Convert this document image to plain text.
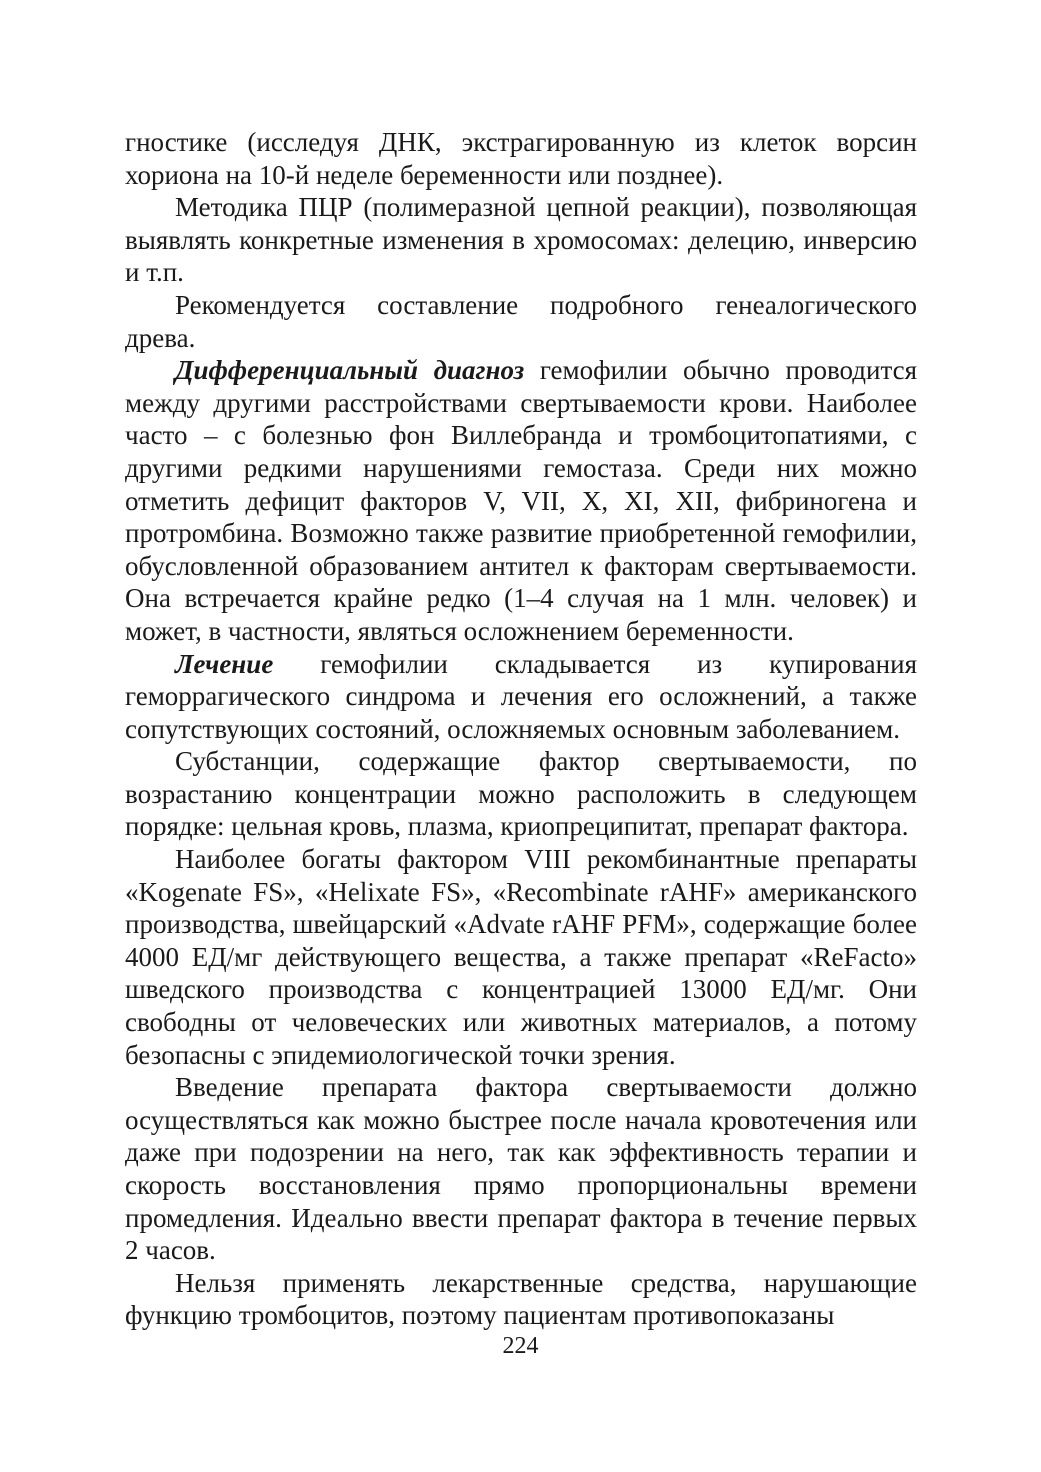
гностике (исследуя ДНК, экстрагированную из клеток ворсин хориона на 10-й неделе беременности или позднее).

Методика ПЦР (полимеразной цепной реакции), позволяющая выявлять конкретные изменения в хромосомах: делецию, инверсию и т.п.

Рекомендуется составление подробного генеалогического древа.

Дифференциальный диагноз гемофилии обычно проводится между другими расстройствами свертываемости крови. Наиболее часто – с болезнью фон Виллебранда и тромбоцитопатиями, с другими редкими нарушениями гемостаза. Среди них можно отметить дефицит факторов V, VII, X, XI, XII, фибриногена и протромбина. Возможно также развитие приобретенной гемофилии, обусловленной образованием антител к факторам свертываемости. Она встречается крайне редко (1–4 случая на 1 млн. человек) и может, в частности, являться осложнением беременности.

Лечение гемофилии складывается из купирования геморрагического синдрома и лечения его осложнений, а также сопутствующих состояний, осложняемых основным заболеванием.

Субстанции, содержащие фактор свертываемости, по возрастанию концентрации можно расположить в следующем порядке: цельная кровь, плазма, криопреципитат, препарат фактора.

Наиболее богаты фактором VIII рекомбинантные препараты «Kogenate FS», «Helixate FS», «Recombinate rAHF» американского производства, швейцарский «Advate rAHF PFM», содержащие более 4000 ЕД/мг действующего вещества, а также препарат «ReFacto» шведского производства с концентрацией 13000 ЕД/мг. Они свободны от человеческих или животных материалов, а потому безопасны с эпидемиологической точки зрения.

Введение препарата фактора свертываемости должно осуществляться как можно быстрее после начала кровотечения или даже при подозрении на него, так как эффективность терапии и скорость восстановления прямо пропорциональны времени промедления. Идеально ввести препарат фактора в течение первых 2 часов.

Нельзя применять лекарственные средства, нарушающие функцию тромбоцитов, поэтому пациентам противопоказаны

224
